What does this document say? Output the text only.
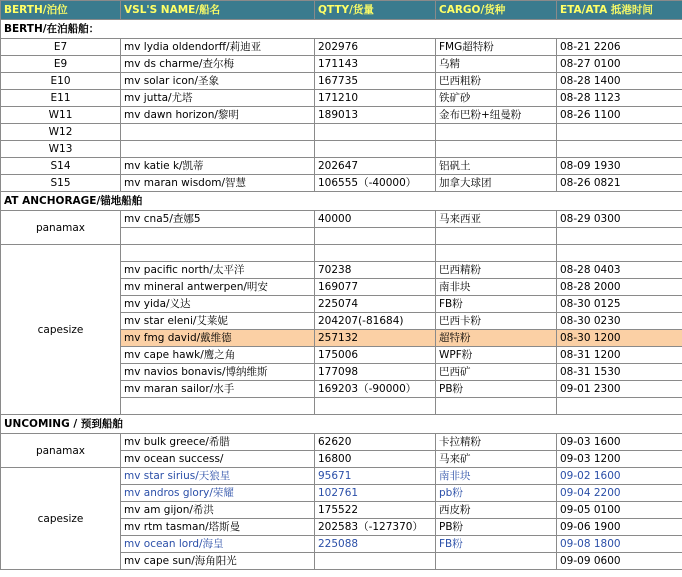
BERTH/泊位	VSL'S NAME/船名	QTTY/货量	CARGO/货种	ETA/ATA 抵港时间
BERTH/在泊船舶：				
E7	mv lydia oldendorff/莉迪亚	202976	FMG超特粉	08-21 2206
E9	mv ds charme/查尔梅	171143	乌精	08-27 0100
E10	mv solar icon/圣象	167735	巴西粗粉	08-28 1400
E11	mv jutta/尤塔	171210	铁矿砂	08-28 1123
W11	mv dawn horizon/黎明	189013	金布巴粉+纽曼粉	08-26 1100
W12				
W13				
S14	mv katie k/凯蒂	202647	铝矾土	08-09 1930
S15	mv maran wisdom/智慧	106555（-40000）	加拿大球团	08-26 0821
AT ANCHORAGE/锚地船舶				
panamax	mv cna5/查娜5	40000	马来西亚	08-29 0300

capesize				
	mv pacific north/太平洋	70238	巴西精粉	08-28 0403
	mv mineral antwerpen/明安	169077	南非块	08-28 2000
	mv yida/义达	225074	FB粉	08-30 0125
	mv star eleni/艾莱妮	204207(-81684)	巴西卡粉	08-30 0230
	mv fmg david/戴维德	257132	超特粉	08-30 1200
	mv cape hawk/鹰之角	175006	WPF粉	08-31 1200
	mv navios bonavis/博纳维斯	177098	巴西矿	08-31 1530
	mv maran sailor/水手	169203（-90000）	PB粉	09-01 2300

UNCOMING / 预到船舶				
panamax	mv bulk greece/希腊	62620	卡拉精粉	09-03 1600
	mv ocean success/	16800	马来矿	09-03 1200
capesize	mv star sirius/天狼星	95671	南非块	09-02 1600
	mv andros glory/荣耀	102761	pb粉	09-04 2200
	mv am gijon/希洪	175522	西皮粉	09-05 0100
	mv rtm tasman/塔斯曼	202583（-127370）	PB粉	09-06 1900
	mv ocean lord/海皇	225088	FB粉	09-08 1800
	mv cape sun/海角阳光			09-09 0600
